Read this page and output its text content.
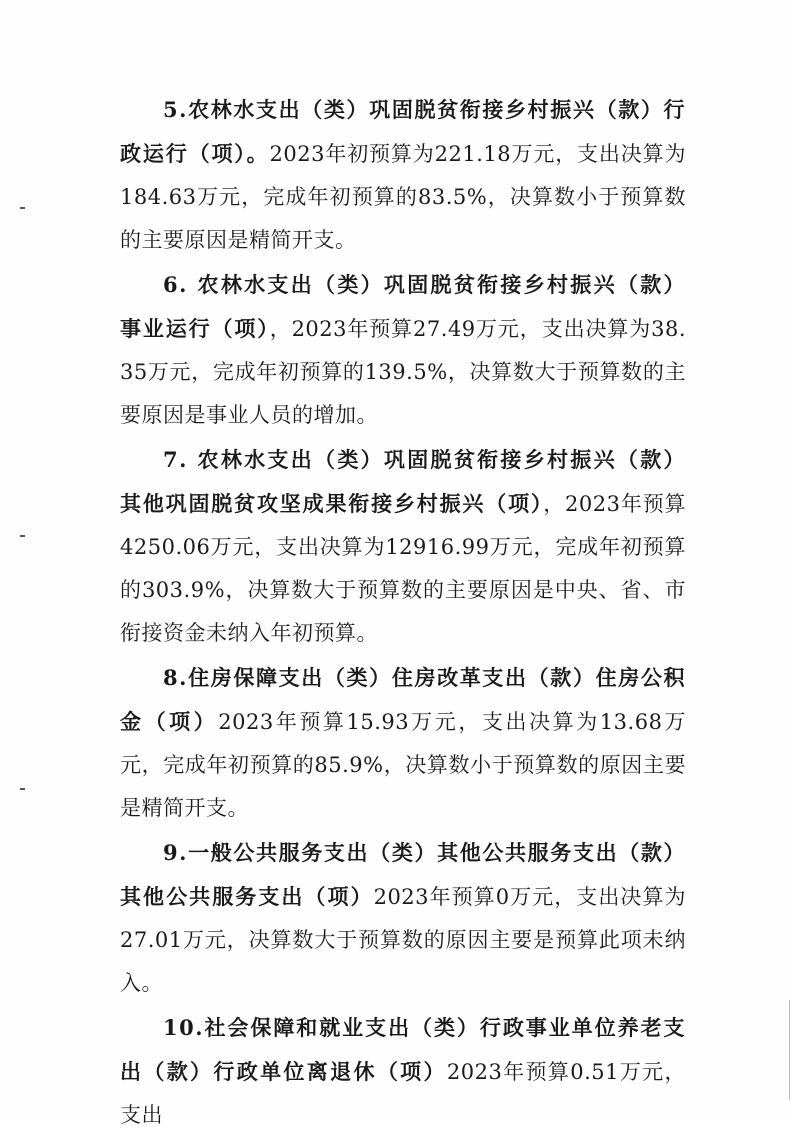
5.农林水支出（类）巩固脱贫衔接乡村振兴（款）行政运行（项）。2023年初预算为221.18万元，支出决算为184.63万元，完成年初预算的83.5%，决算数小于预算数的主要原因是精简开支。

6. 农林水支出（类）巩固脱贫衔接乡村振兴（款）事业运行（项），2023年预算27.49万元，支出决算为38.35万元，完成年初预算的139.5%，决算数大于预算数的主要原因是事业人员的增加。

7. 农林水支出（类）巩固脱贫衔接乡村振兴（款）其他巩固脱贫攻坚成果衔接乡村振兴（项），2023年预算4250.06万元，支出决算为12916.99万元，完成年初预算的303.9%，决算数大于预算数的主要原因是中央、省、市衔接资金未纳入年初预算。

8.住房保障支出（类）住房改革支出（款）住房公积金（项）2023年预算15.93万元，支出决算为13.68万元，完成年初预算的85.9%，决算数小于预算数的原因主要是精简开支。

9.一般公共服务支出（类）其他公共服务支出（款）其他公共服务支出（项）2023年预算0万元，支出决算为27.01万元，决算数大于预算数的原因主要是预算此项未纳入。

10.社会保障和就业支出（类）行政事业单位养老支出（款）行政单位离退休（项）2023年预算0.51万元，支出
